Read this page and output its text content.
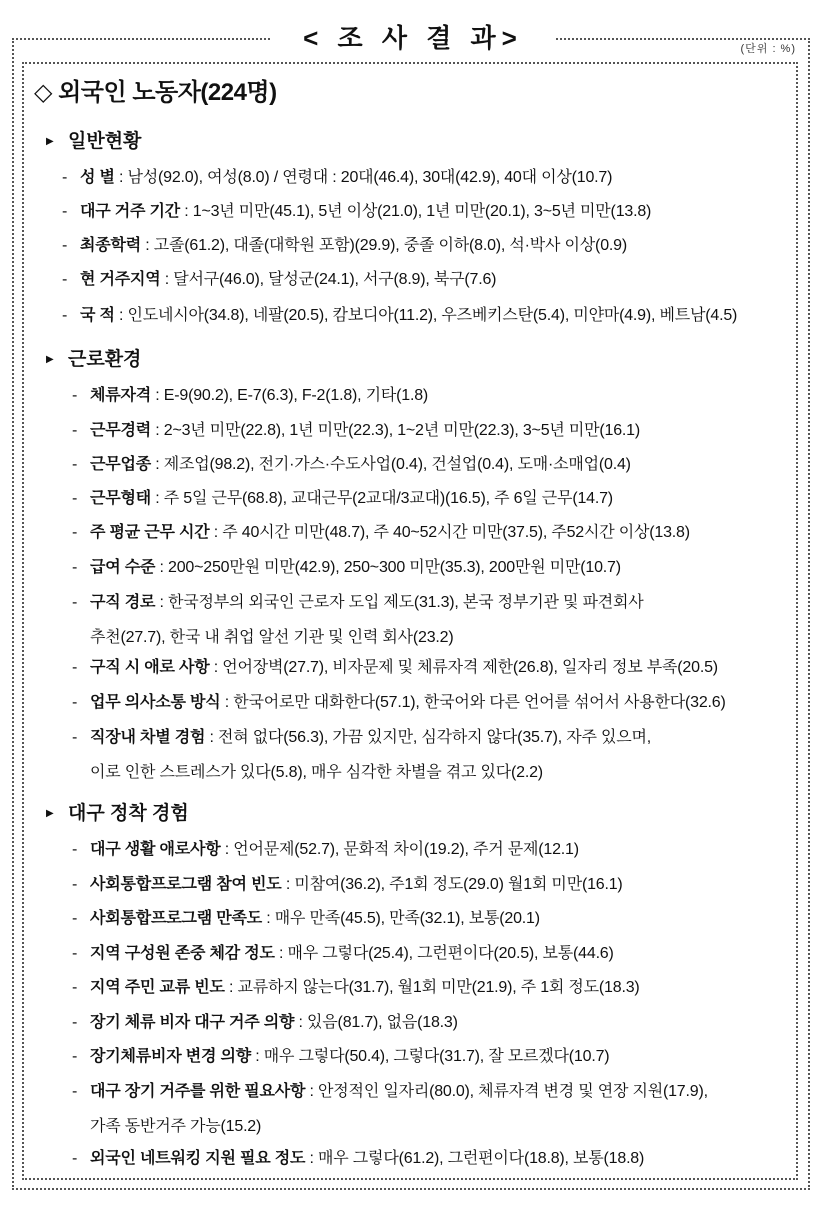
< 조 사 결 과>	(단위 : %)
◇ 외국인 노동자(224명)
▶ 일반현황
- 성 별 : 남성(92.0), 여성(8.0) / 연령대 : 20대(46.4), 30대(42.9), 40대 이상(10.7)
- 대구 거주 기간 : 1~3년 미만(45.1), 5년 이상(21.0), 1년 미만(20.1), 3~5년 미만(13.8)
- 최종학력 : 고졸(61.2), 대졸(대학원 포함)(29.9), 중졸 이하(8.0), 석·박사 이상(0.9)
- 현 거주지역 : 달서구(46.0), 달성군(24.1), 서구(8.9), 북구(7.6)
- 국 적 : 인도네시아(34.8), 네팔(20.5), 캄보디아(11.2), 우즈베키스탄(5.4), 미얀마(4.9), 베트남(4.5)
▶ 근로환경
- 체류자격 : E-9(90.2), E-7(6.3), F-2(1.8), 기타(1.8)
- 근무경력 : 2~3년 미만(22.8), 1년 미만(22.3), 1~2년 미만(22.3), 3~5년 미만(16.1)
- 근무업종 : 제조업(98.2), 전기·가스·수도사업(0.4), 건설업(0.4), 도매·소매업(0.4)
- 근무형태 : 주 5일 근무(68.8), 교대근무(2교대/3교대)(16.5), 주 6일 근무(14.7)
- 주 평균 근무 시간 : 주 40시간 미만(48.7), 주 40~52시간 미만(37.5), 주52시간 이상(13.8)
- 급여 수준 : 200~250만원 미만(42.9), 250~300 미만(35.3), 200만원 미만(10.7)
- 구직 경로 : 한국정부의 외국인 근로자 도입 제도(31.3), 본국 정부기관 및 파견회사
추천(27.7), 한국 내 취업 알선 기관 및 인력 회사(23.2)
- 구직 시 애로 사항 : 언어장벽(27.7), 비자문제 및 체류자격 제한(26.8), 일자리 정보 부족(20.5)
- 업무 의사소통 방식 : 한국어로만 대화한다(57.1), 한국어와 다른 언어를 섞어서 사용한다(32.6)
- 직장내 차별 경험 : 전혀 없다(56.3), 가끔 있지만, 심각하지 않다(35.7), 자주 있으며,
이로 인한 스트레스가 있다(5.8), 매우 심각한 차별을 겪고 있다(2.2)
▶ 대구 정착 경험
- 대구 생활 애로사항 : 언어문제(52.7), 문화적 차이(19.2), 주거 문제(12.1)
- 사회통합프로그램 참여 빈도 : 미참여(36.2), 주1회 정도(29.0) 월1회 미만(16.1)
- 사회통합프로그램 만족도 : 매우 만족(45.5), 만족(32.1), 보통(20.1)
- 지역 구성원 존중 체감 정도 : 매우 그렇다(25.4), 그런편이다(20.5), 보통(44.6)
- 지역 주민 교류 빈도 : 교류하지 않는다(31.7), 월1회 미만(21.9), 주 1회 정도(18.3)
- 장기 체류 비자 대구 거주 의향 : 있음(81.7), 없음(18.3)
- 장기체류비자 변경 의향 : 매우 그렇다(50.4), 그렇다(31.7), 잘 모르겠다(10.7)
- 대구 장기 거주를 위한 필요사항 : 안정적인 일자리(80.0), 체류자격 변경 및 연장 지원(17.9),
가족 동반거주 가능(15.2)
- 외국인 네트워킹 지원 필요 정도 : 매우 그렇다(61.2), 그런편이다(18.8), 보통(18.8)
